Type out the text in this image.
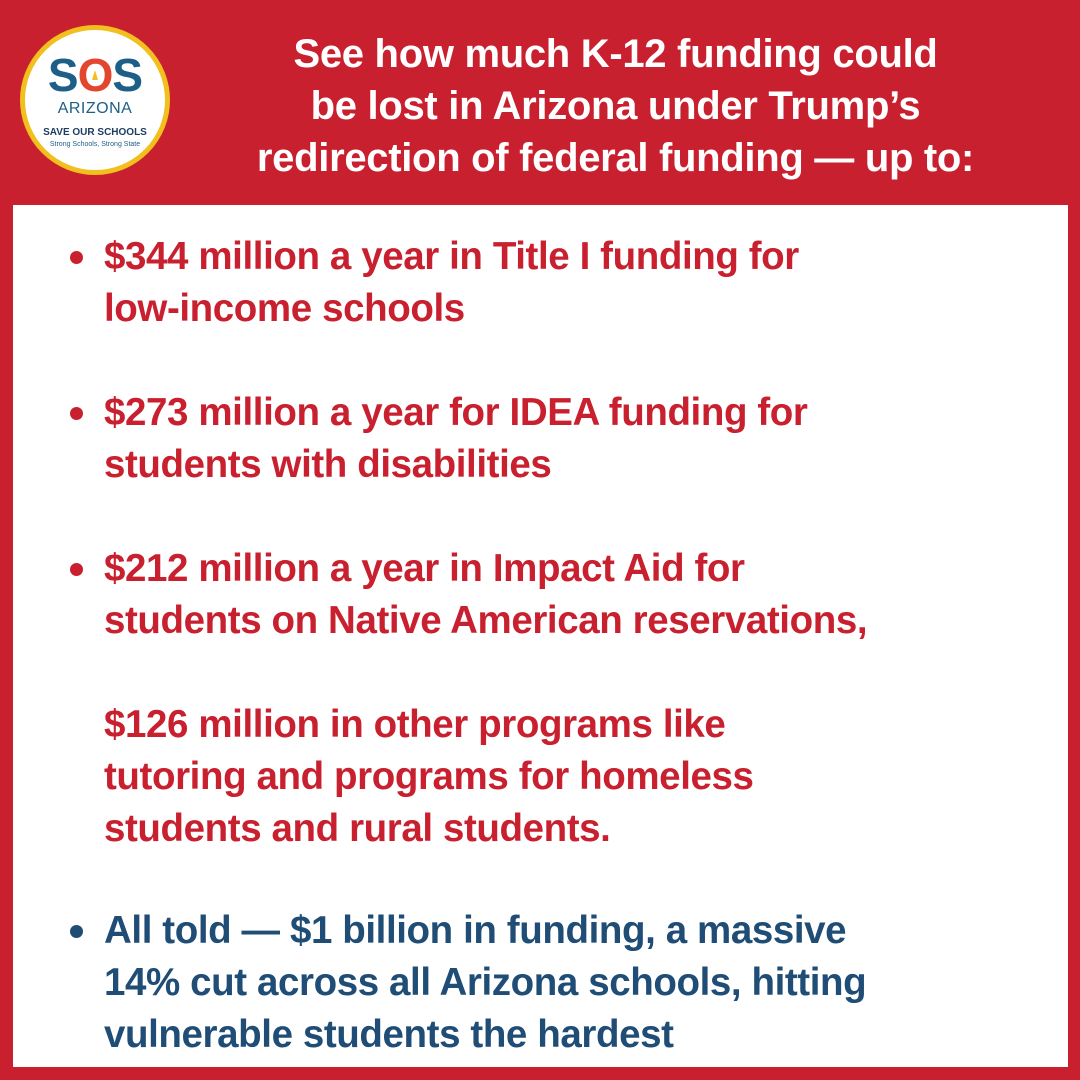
SOS
ARIZONA
SAVE OUR SCHOOLS
Strong Schools, Strong State
See how much K-12 funding could
be lost in Arizona under Trump’s
redirection of federal funding — up to:
$344 million a year in Title I funding for
low-income schools
$273 million a year for IDEA funding for
students with disabilities
$212 million a year in Impact Aid for
students on Native American reservations,
$126 million in other programs like
tutoring and programs for homeless
students and rural students.
All told — $1 billion in funding, a massive
14% cut across all Arizona schools, hitting
vulnerable students the hardest
